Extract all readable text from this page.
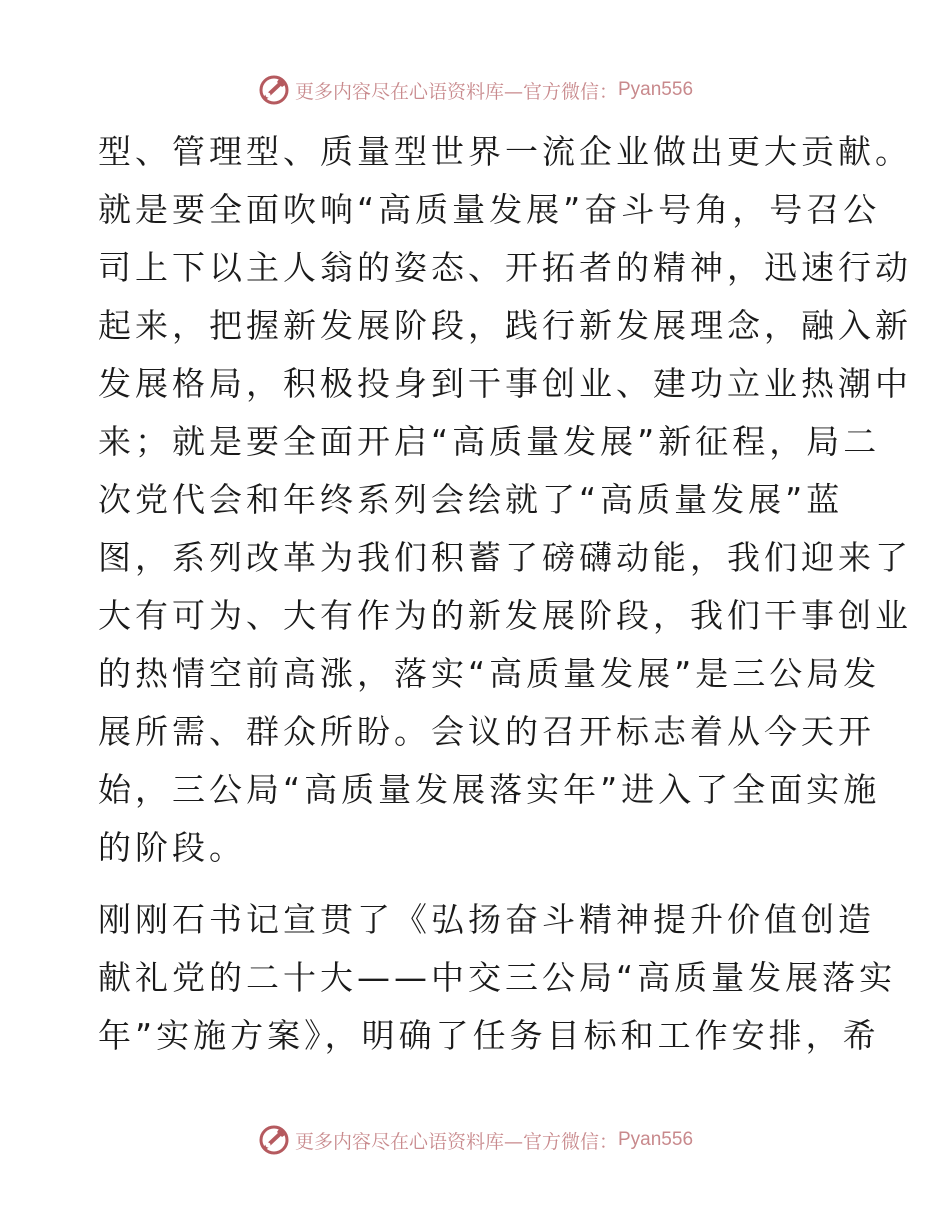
更多内容尽在心语资料库—官方微信： Pyan556
型、管理型、质量型世界一流企业做出更大贡献。
就是要全面吹响“高质量发展”奋斗号角，号召公
司上下以主人翁的姿态、开拓者的精神，迅速行动
起来，把握新发展阶段，践行新发展理念，融入新
发展格局，积极投身到干事创业、建功立业热潮中
来；就是要全面开启“高质量发展”新征程，局二
次党代会和年终系列会绘就了“高质量发展”蓝
图，系列改革为我们积蓄了磅礴动能，我们迎来了
大有可为、大有作为的新发展阶段，我们干事创业
的热情空前高涨，落实“高质量发展”是三公局发
展所需、群众所盼。会议的召开标志着从今天开
始，三公局“高质量发展落实年”进入了全面实施
的阶段。
刚刚石书记宣贯了《弘扬奋斗精神提升价值创造
献礼党的二十大——中交三公局“高质量发展落实
年”实施方案》，明确了任务目标和工作安排，希
更多内容尽在心语资料库—官方微信： Pyan556
